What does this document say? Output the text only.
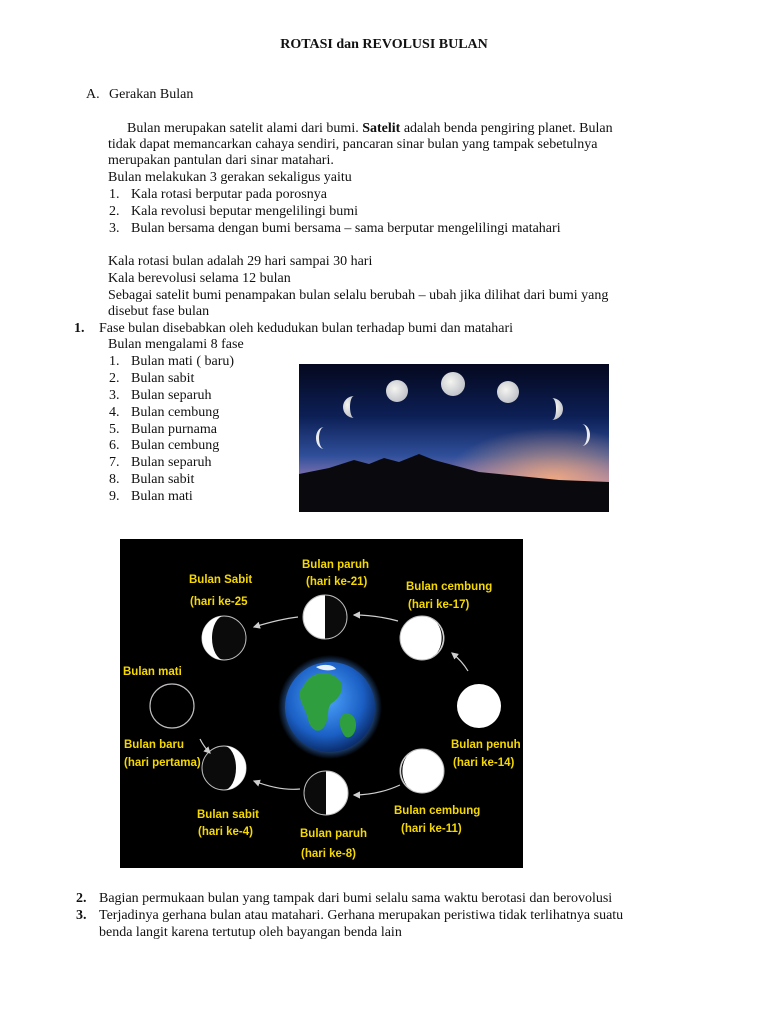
ROTASI dan REVOLUSI BULAN
A. Gerakan Bulan
Bulan merupakan satelit alami dari bumi. Satelit adalah benda pengiring planet. Bulan
tidak dapat memancarkan cahaya sendiri, pancaran sinar bulan yang tampak sebetulnya
merupakan pantulan dari sinar matahari.
Bulan melakukan 3 gerakan sekaligus yaitu
1. Kala rotasi berputar pada porosnya
2. Kala revolusi beputar mengelilingi bumi
3. Bulan bersama dengan bumi bersama – sama berputar mengelilingi matahari
Kala rotasi bulan adalah 29 hari sampai 30 hari
Kala berevolusi selama 12 bulan
Sebagai satelit bumi penampakan bulan selalu berubah – ubah jika dilihat dari bumi yang
disebut fase bulan
1. Fase bulan disebabkan oleh kedudukan bulan terhadap bumi dan matahari
Bulan mengalami 8 fase
1. Bulan mati ( baru)
2. Bulan sabit
3. Bulan separuh
4. Bulan cembung
5. Bulan purnama
6. Bulan cembung
7. Bulan separuh
8. Bulan sabit
9. Bulan mati
Bulan paruh
(hari ke-21)	Bulan cembung
(hari ke-17)
Bulan penuh
(hari ke-14)
Bulan cembung
(hari ke-11)
Bulan paruh
(hari ke-8)
Bulan sabit
(hari ke-4)
Bulan baru
(hari pertama)
Bulan mati
Bulan Sabit
(hari ke-25
2. Bagian permukaan bulan yang tampak dari bumi selalu sama waktu berotasi dan berovolusi
3. Terjadinya gerhana bulan atau matahari. Gerhana merupakan peristiwa tidak terlihatnya suatu
benda langit karena tertutup oleh bayangan benda lain
